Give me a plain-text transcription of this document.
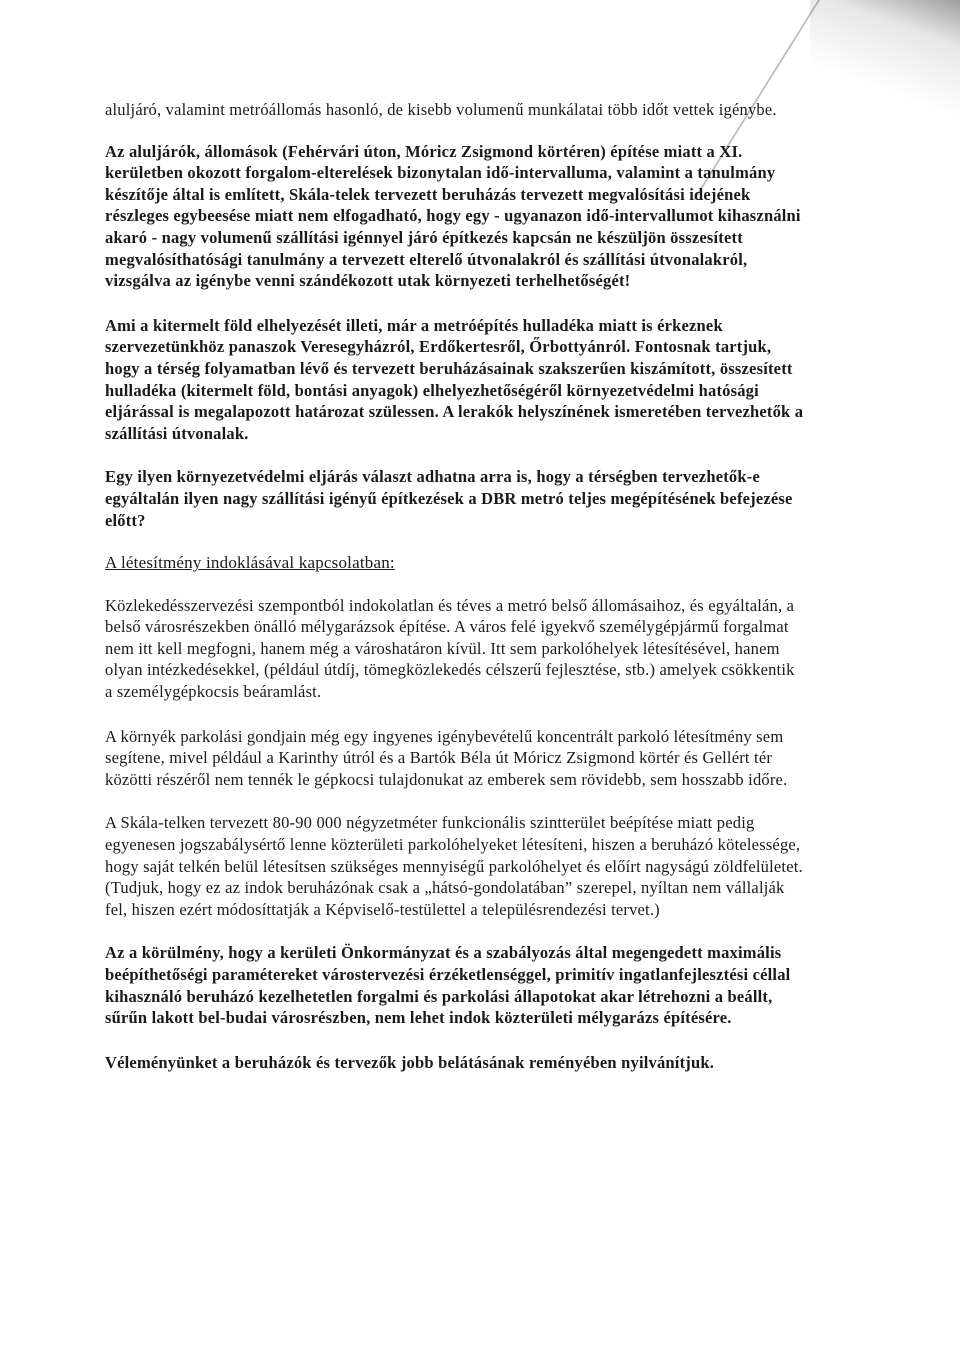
aluljáró, valamint metróállomás hasonló, de kisebb volumenű munkálatai több időt vettek igénybe.

Az aluljárók, állomások (Fehérvári úton, Móricz Zsigmond körtéren) építése miatt a XI. kerületben okozott forgalom-elterelések bizonytalan idő-intervalluma, valamint a tanulmány készítője által is említett, Skála-telek tervezett beruházás tervezett megvalósítási idejének részleges egybeesése miatt nem elfogadható, hogy egy - ugyanazon idő-intervallumot kihasználni akaró - nagy volumenű szállítási igénnyel járó építkezés kapcsán ne készüljön összesített megvalósíthatósági tanulmány a tervezett elterelő útvonalakról és szállítási útvonalakról, vizsgálva az igénybe venni szándékozott utak környezeti terhelhetőségét!

Ami a kitermelt föld elhelyezését illeti, már a metróépítés hulladéka miatt is érkeznek szervezetünkhöz panaszok Veresegyházról, Erdőkertesről, Őrbottyánról. Fontosnak tartjuk, hogy a térség folyamatban lévő és tervezett beruházásainak szakszerűen kiszámított, összesített hulladéka (kitermelt föld, bontási anyagok) elhelyezhetőségéről környezetvédelmi hatósági eljárással is megalapozott határozat szülessen. A lerakók helyszínének ismeretében tervezhetők a szállítási útvonalak.

Egy ilyen környezetvédelmi eljárás választ adhatna arra is, hogy a térségben tervezhetők-e egyáltalán ilyen nagy szállítási igényű építkezések a DBR metró teljes megépítésének befejezése előtt?

A létesítmény indoklásával kapcsolatban:

Közlekedésszervezési szempontból indokolatlan és téves a metró belső állomásaihoz, és egyáltalán, a belső városrészekben önálló mélygarázsok építése. A város felé igyekvő személygépjármű forgalmat nem itt kell megfogni, hanem még a városhatáron kívül. Itt sem parkolóhelyek létesítésével, hanem olyan intézkedésekkel, (például útdíj, tömegközlekedés célszerű fejlesztése, stb.) amelyek csökkentik a személygépkocsis beáramlást.

A környék parkolási gondjain még egy ingyenes igénybevételű koncentrált parkoló létesítmény sem segítene, mivel például a Karinthy útról és a Bartók Béla út Móricz Zsigmond körtér és Gellért tér közötti részéről nem tennék le gépkocsi tulajdonukat az emberek sem rövidebb, sem hosszabb időre.

A Skála-telken tervezett 80-90 000 négyzetméter funkcionális szintterület beépítése miatt pedig egyenesen jogszabálysértő lenne közterületi parkolóhelyeket létesíteni, hiszen a beruházó kötelessége, hogy saját telkén belül létesítsen szükséges mennyiségű parkolóhelyet és előírt nagyságú zöldfelületet. (Tudjuk, hogy ez az indok beruházónak csak a „hátsó-gondolatában” szerepel, nyíltan nem vállalják fel, hiszen ezért módosíttatják a Képviselő-testülettel a településrendezési tervet.)

Az a körülmény, hogy a kerületi Önkormányzat és a szabályozás által megengedett maximális beépíthetőségi paramétereket várostervezési érzéketlenséggel, primitív ingatlanfejlesztési céllal kihasználó beruházó kezelhetetlen forgalmi és parkolási állapotokat akar létrehozni a beállt, sűrűn lakott bel-budai városrészben, nem lehet indok közterületi mélygarázs építésére.

Véleményünket a beruházók és tervezők jobb belátásának reményében nyilvánítjuk.
